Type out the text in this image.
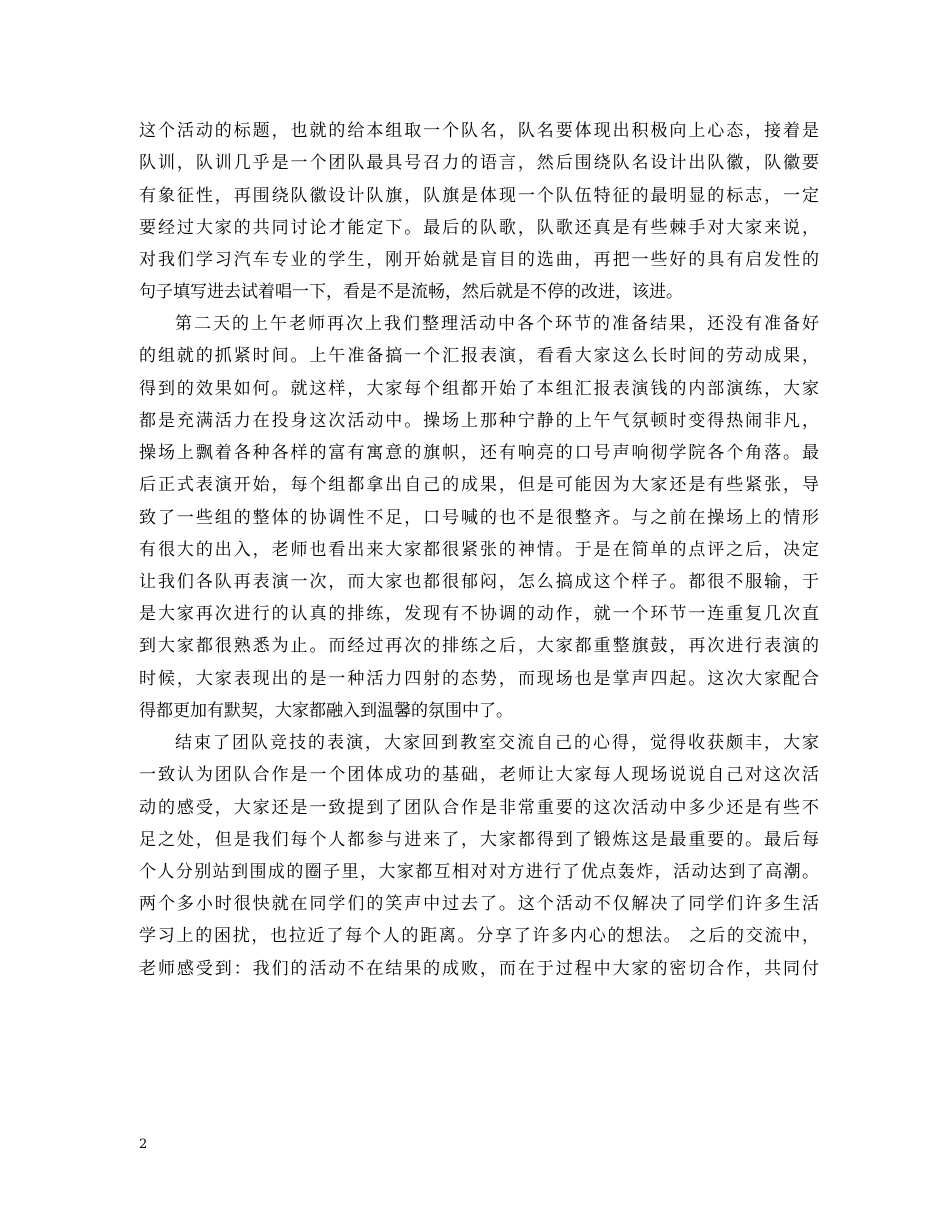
这个活动的标题，也就的给本组取一个队名，队名要体现出积极向上心态，接着是
队训，队训几乎是一个团队最具号召力的语言，然后围绕队名设计出队徽，队徽要
有象征性，再围绕队徽设计队旗，队旗是体现一个队伍特征的最明显的标志，一定
要经过大家的共同讨论才能定下。最后的队歌，队歌还真是有些棘手对大家来说，
对我们学习汽车专业的学生，刚开始就是盲目的选曲，再把一些好的具有启发性的
句子填写进去试着唱一下，看是不是流畅，然后就是不停的改进，该进。
第二天的上午老师再次上我们整理活动中各个环节的准备结果，还没有准备好
的组就的抓紧时间。上午准备搞一个汇报表演，看看大家这么长时间的劳动成果，
得到的效果如何。就这样，大家每个组都开始了本组汇报表演钱的内部演练，大家
都是充满活力在投身这次活动中。操场上那种宁静的上午气氛顿时变得热闹非凡，
操场上飘着各种各样的富有寓意的旗帜，还有响亮的口号声响彻学院各个角落。最
后正式表演开始，每个组都拿出自己的成果，但是可能因为大家还是有些紧张，导
致了一些组的整体的协调性不足，口号喊的也不是很整齐。与之前在操场上的情形
有很大的出入，老师也看出来大家都很紧张的神情。于是在简单的点评之后，决定
让我们各队再表演一次，而大家也都很郁闷，怎么搞成这个样子。都很不服输，于
是大家再次进行的认真的排练，发现有不协调的动作，就一个环节一连重复几次直
到大家都很熟悉为止。而经过再次的排练之后，大家都重整旗鼓，再次进行表演的
时候，大家表现出的是一种活力四射的态势，而现场也是掌声四起。这次大家配合
得都更加有默契，大家都融入到温馨的氛围中了。
结束了团队竞技的表演，大家回到教室交流自己的心得，觉得收获颇丰，大家
一致认为团队合作是一个团体成功的基础，老师让大家每人现场说说自己对这次活
动的感受，大家还是一致提到了团队合作是非常重要的这次活动中多少还是有些不
足之处，但是我们每个人都参与进来了，大家都得到了锻炼这是最重要的。最后每
个人分别站到围成的圈子里，大家都互相对对方进行了优点轰炸，活动达到了高潮。
两个多小时很快就在同学们的笑声中过去了。这个活动不仅解决了同学们许多生活
学习上的困扰，也拉近了每个人的距离。分享了许多内心的想法。 之后的交流中，
老师感受到：我们的活动不在结果的成败，而在于过程中大家的密切合作，共同付
2
